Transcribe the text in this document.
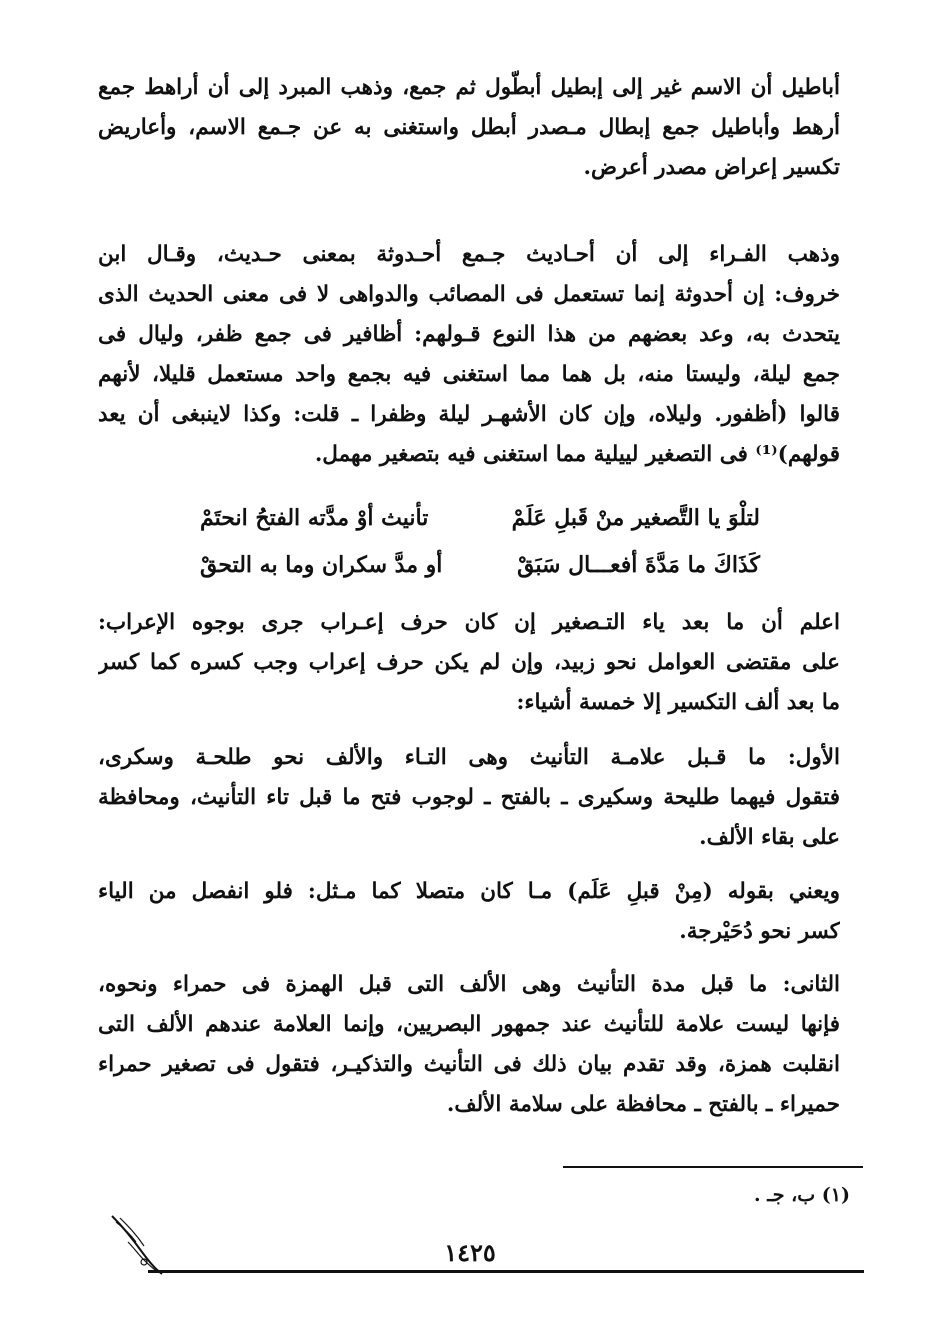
أباطيل أن الاسم غير إلى إبطيل أبطّول ثم جمع، وذهب المبرد إلى أن أراهط جمع
أرهط وأباطيل جمع إبطال مـصدر أبطل واستغنى به عن جـمع الاسم، وأعاريض
تكسير إعراض مصدر أعرض.
وذهب الفـراء إلى أن أحـاديث جـمع أحـدوثة بمعنى حـديث، وقـال ابن
خروف: إن أحدوثة إنما تستعمل فى المصائب والدواهى لا فى معنى الحديث الذى
يتحدث به، وعد بعضهم من هذا النوع قـولهم: أظافير فى جمع ظفر، وليال فى
جمع ليلة، وليستا منه، بل هما مما استغنى فيه بجمع واحد مستعمل قليلا، لأنهم
قالوا (أظفور. وليلاه، وإن كان الأشهـر ليلة وظفرا ـ قلت: وكذا لاينبغى أن يعد
قولهم)⁽¹⁾ فى التصغير لييلية مما استغنى فيه بتصغير مهمل.
لتلْوَ يا التَّصغير منْ قَبلِ عَلَمْ
تأنيث أوْ مدَّته الفتحُ انحتَمْ
كَذَاكَ ما مَدَّةَ أفعـــال سَبَقْ
أو مدَّ سكران وما به التحقْ
اعلم أن ما بعد ياء التـصغير إن كان حرف إعـراب جرى بوجوه الإعراب:
على مقتضى العوامل نحو زبيد، وإن لم يكن حرف إعراب وجب كسره كما كسر
ما بعد ألف التكسير إلا خمسة أشياء:
الأول: ما قـبل علامـة التأنيث وهى التـاء والألف نحو طلحـة وسكرى،
فتقول فيهما طليحة وسكيرى ـ بالفتح ـ لوجوب فتح ما قبل تاء التأنيث، ومحافظة
على بقاء الألف.
ويعني بقوله (مِنْ قبلِ عَلَم) مـا كان متصلا كما مـثل: فلو انفصل من الياء
كسر نحو دُحَيْرجة.
الثانى: ما قبل مدة التأنيث وهى الألف التى قبل الهمزة فى حمراء ونحوه،
فإنها ليست علامة للتأنيث عند جمهور البصريين، وإنما العلامة عندهم الألف التى
انقلبت همزة، وقد تقدم بيان ذلك فى التأنيث والتذكيـر، فتقول فى تصغير حمراء
حميراء ـ بالفتح ـ محافظة على سلامة الألف.
(١) ب، جـ .
١٤٢٥
